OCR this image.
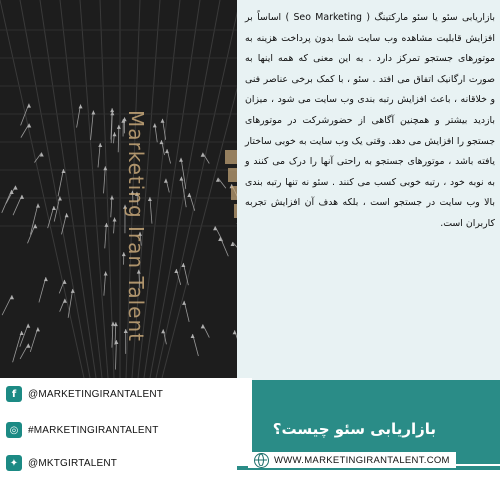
Marketing Iran Talent

بازاریابی سئو یا سئو مارکتینگ ( Seo Marketing ) اساساً بر افزایش قابلیت مشاهده وب سایت شما بدون پرداخت هزینه به موتورهای جستجو تمرکز دارد . به این معنی که همه اینها به صورت ارگانیک اتفاق می افتد . سئو ، با کمک برخی عناصر فنی و خلاقانه ، باعث افزایش رتبه بندی وب سایت می شود ، میزان بازدید بیشتر و همچنین آگاهی از حضورشرکت در موتورهای جستجو را افزایش می دهد. وقتی یک وب سایت به خوبی ساختار یافته باشد ، موتورهای جستجو به راحتی آنها را درک می کنند و به نوبه خود ، رتبه خوبی کسب می کنند . سئو نه تنها رتبه بندی بالا وب سایت در جستجو است ، بلکه هدف آن افزایش تجربه کاربران است.

f	@MARKETINGIRANTALENT
◎ #MARKETINGIRANTALENT
✦ @MKTGIRTALENT
بازاریابی سئو چیست؟
WWW.MARKETINGIRANTALENT.COM
